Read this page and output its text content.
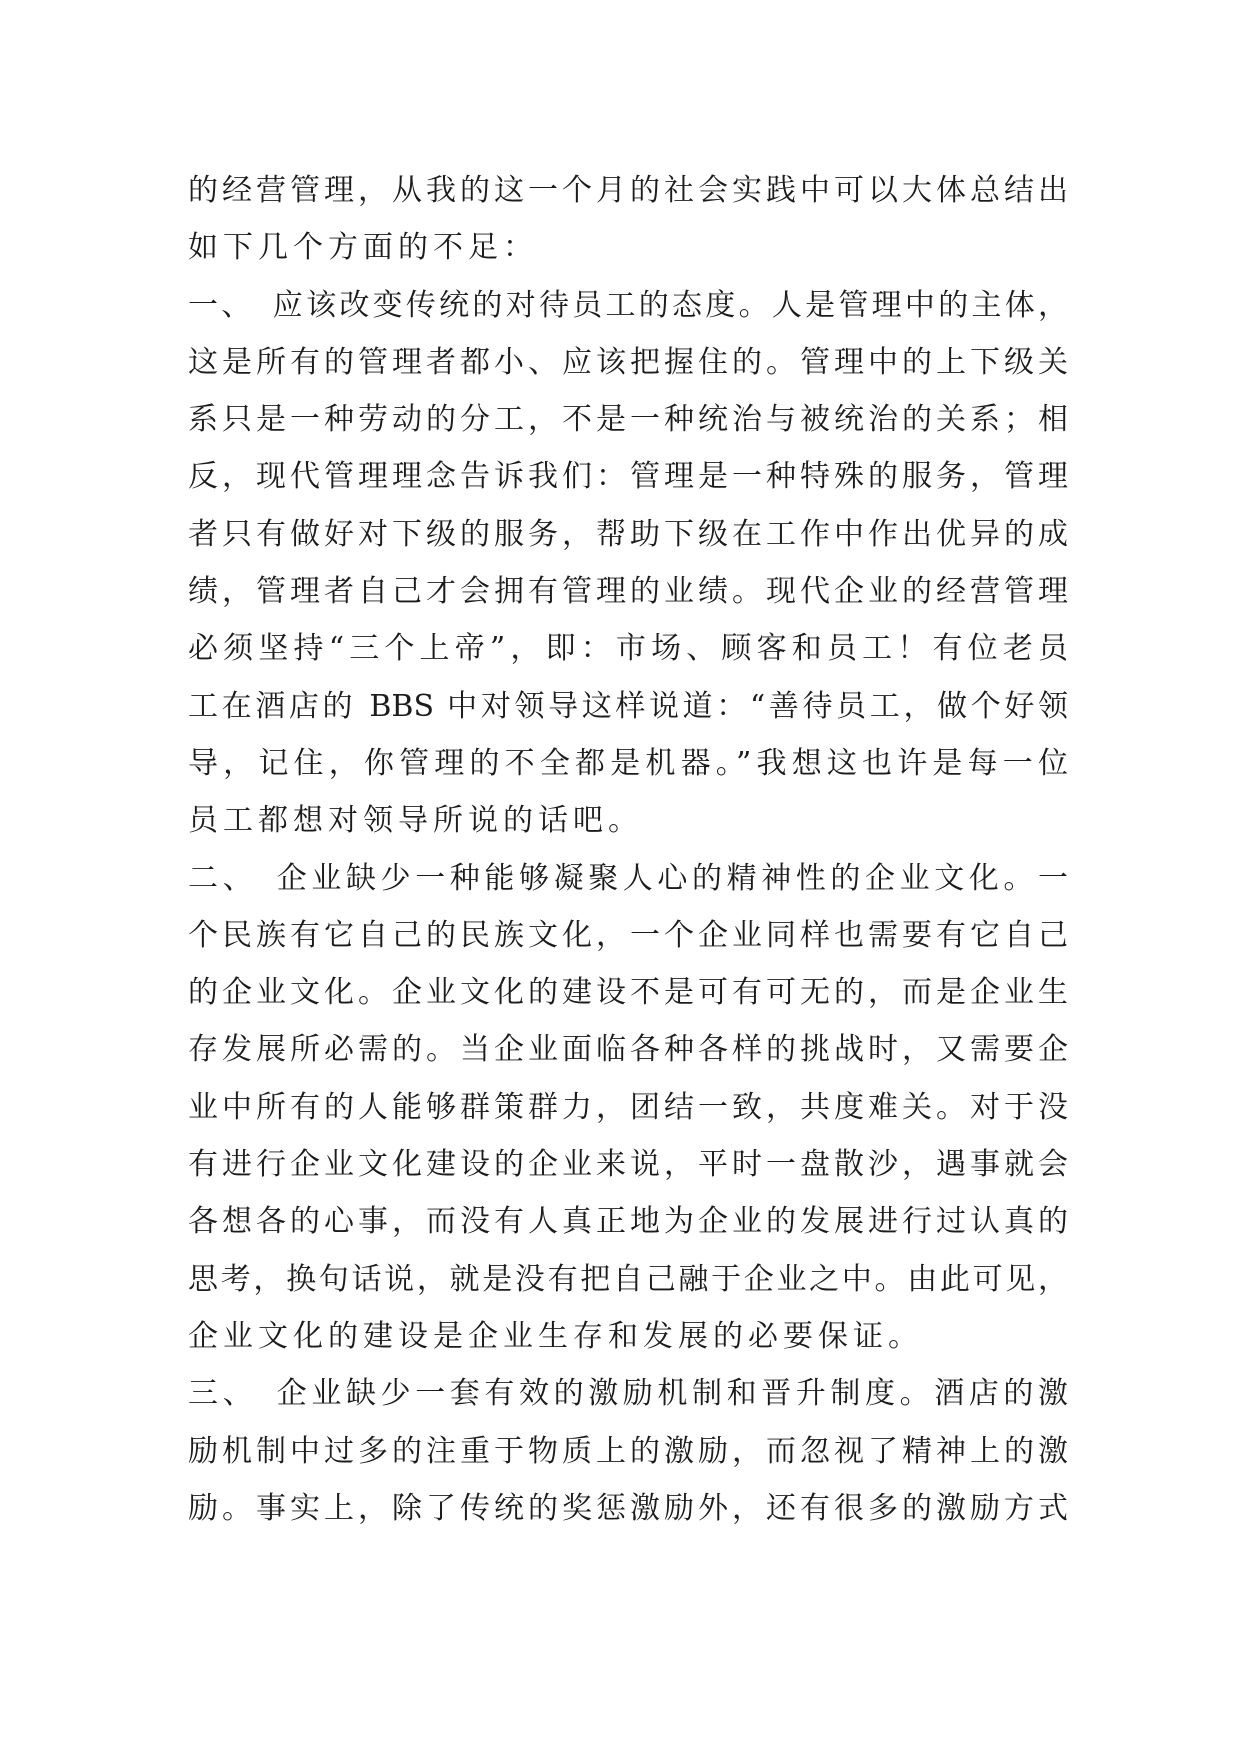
的经营管理，从我的这一个月的社会实践中可以大体总结出
如下几个方面的不足：
一、　应该改变传统的对待员工的态度。人是管理中的主体，
这是所有的管理者都小、应该把握住的。管理中的上下级关
系只是一种劳动的分工，不是一种统治与被统治的关系；相
反，现代管理理念告诉我们：管理是一种特殊的服务，管理
者只有做好对下级的服务，帮助下级在工作中作出优异的成
绩，管理者自己才会拥有管理的业绩。现代企业的经营管理
必须坚持“三个上帝”，即：市场、顾客和员工！有位老员
工在酒店的 BBS 中对领导这样说道：“善待员工，做个好领
导，记住，你管理的不全都是机器。”我想这也许是每一位
员工都想对领导所说的话吧。
二、　企业缺少一种能够凝聚人心的精神性的企业文化。一
个民族有它自己的民族文化，一个企业同样也需要有它自己
的企业文化。企业文化的建设不是可有可无的，而是企业生
存发展所必需的。当企业面临各种各样的挑战时，又需要企
业中所有的人能够群策群力，团结一致，共度难关。对于没
有进行企业文化建设的企业来说，平时一盘散沙，遇事就会
各想各的心事，而没有人真正地为企业的发展进行过认真的
思考，换句话说，就是没有把自己融于企业之中。由此可见，
企业文化的建设是企业生存和发展的必要保证。
三、　企业缺少一套有效的激励机制和晋升制度。酒店的激
励机制中过多的注重于物质上的激励，而忽视了精神上的激
励。事实上，除了传统的奖惩激励外，还有很多的激励方式
